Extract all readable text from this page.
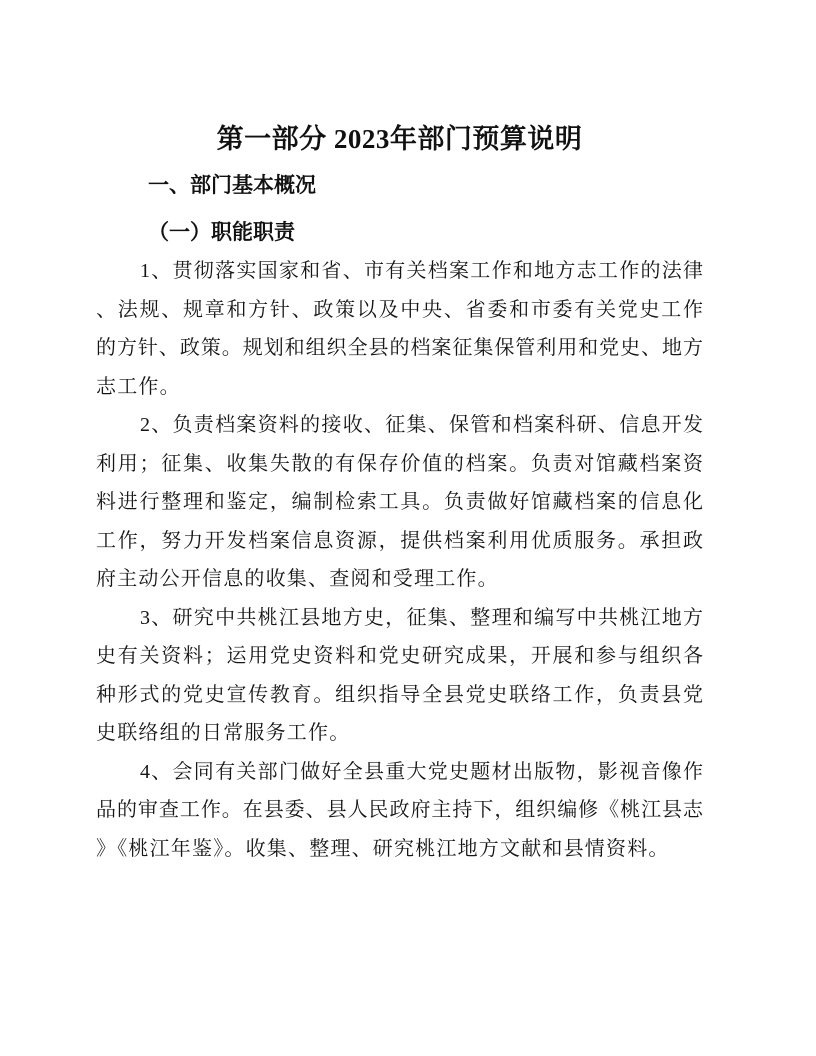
第一部分 2023年部门预算说明
一、部门基本概况
（一）职能职责
1、贯彻落实国家和省、市有关档案工作和地方志工作的法律
、法规、规章和方针、政策以及中央、省委和市委有关党史工作
的方针、政策。规划和组织全县的档案征集保管利用和党史、地方
志工作。
2、负责档案资料的接收、征集、保管和档案科研、信息开发
利用；征集、收集失散的有保存价值的档案。负责对馆藏档案资
料进行整理和鉴定，编制检索工具。负责做好馆藏档案的信息化
工作，努力开发档案信息资源，提供档案利用优质服务。承担政
府主动公开信息的收集、查阅和受理工作。
3、研究中共桃江县地方史，征集、整理和编写中共桃江地方
史有关资料；运用党史资料和党史研究成果，开展和参与组织各
种形式的党史宣传教育。组织指导全县党史联络工作，负责县党
史联络组的日常服务工作。
4、会同有关部门做好全县重大党史题材出版物，影视音像作
品的审查工作。在县委、县人民政府主持下，组织编修《桃江县志
》《桃江年鉴》。收集、整理、研究桃江地方文献和县情资料。
